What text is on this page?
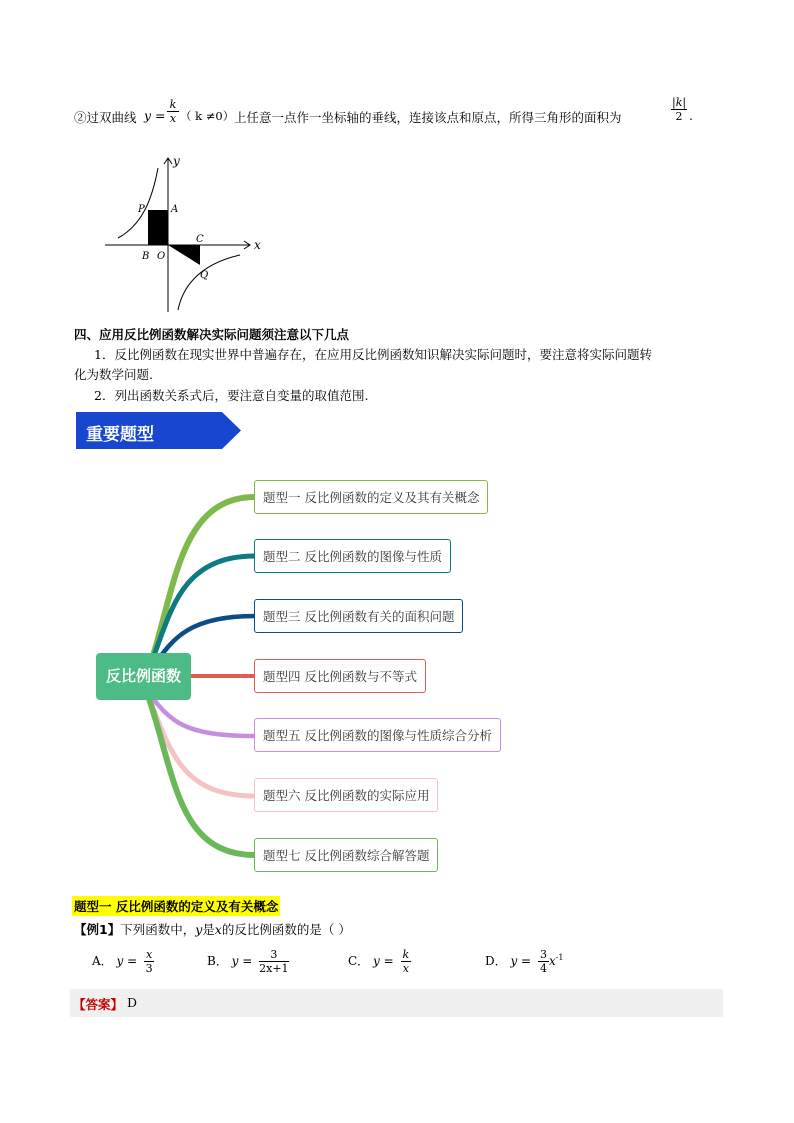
②过双曲线 $y = \frac{k}{x}$ （ k ≠0） 上任意一点作一坐标轴的垂线，连接该点和原点，所得三角形的面积为	$\frac{|k|}{2}$ .
x
y
P	A
B O
C
Q
四、应用反比例函数解决实际问题须注意以下几点
1．反比例函数在现实世界中普遍存在，在应用反比例函数知识解决实际问题时，要注意将实际问题转
化为数学问题.
2．列出函数关系式后，要注意自变量的取值范围.
重要题型
反比例函数
题型一 反比例函数的定义及其有关概念
题型二 反比例函数的图像与性质
题型三 反比例函数有关的面积问题
题型四 反比例函数与不等式
题型五 反比例函数的图像与性质综合分析
题型六 反比例函数的实际应用
题型七 反比例函数综合解答题
题型一 反比例函数的定义及有关概念
【例1】下列函数中，y是x的反比例函数的是（ ）
A． $y = \frac{x}{3}$	B． $y = \frac{3}{2x+1}$	C． $y = \frac{k}{x}$	D． $y = \frac{3}{4} x^{-1}$
【答案】 D
